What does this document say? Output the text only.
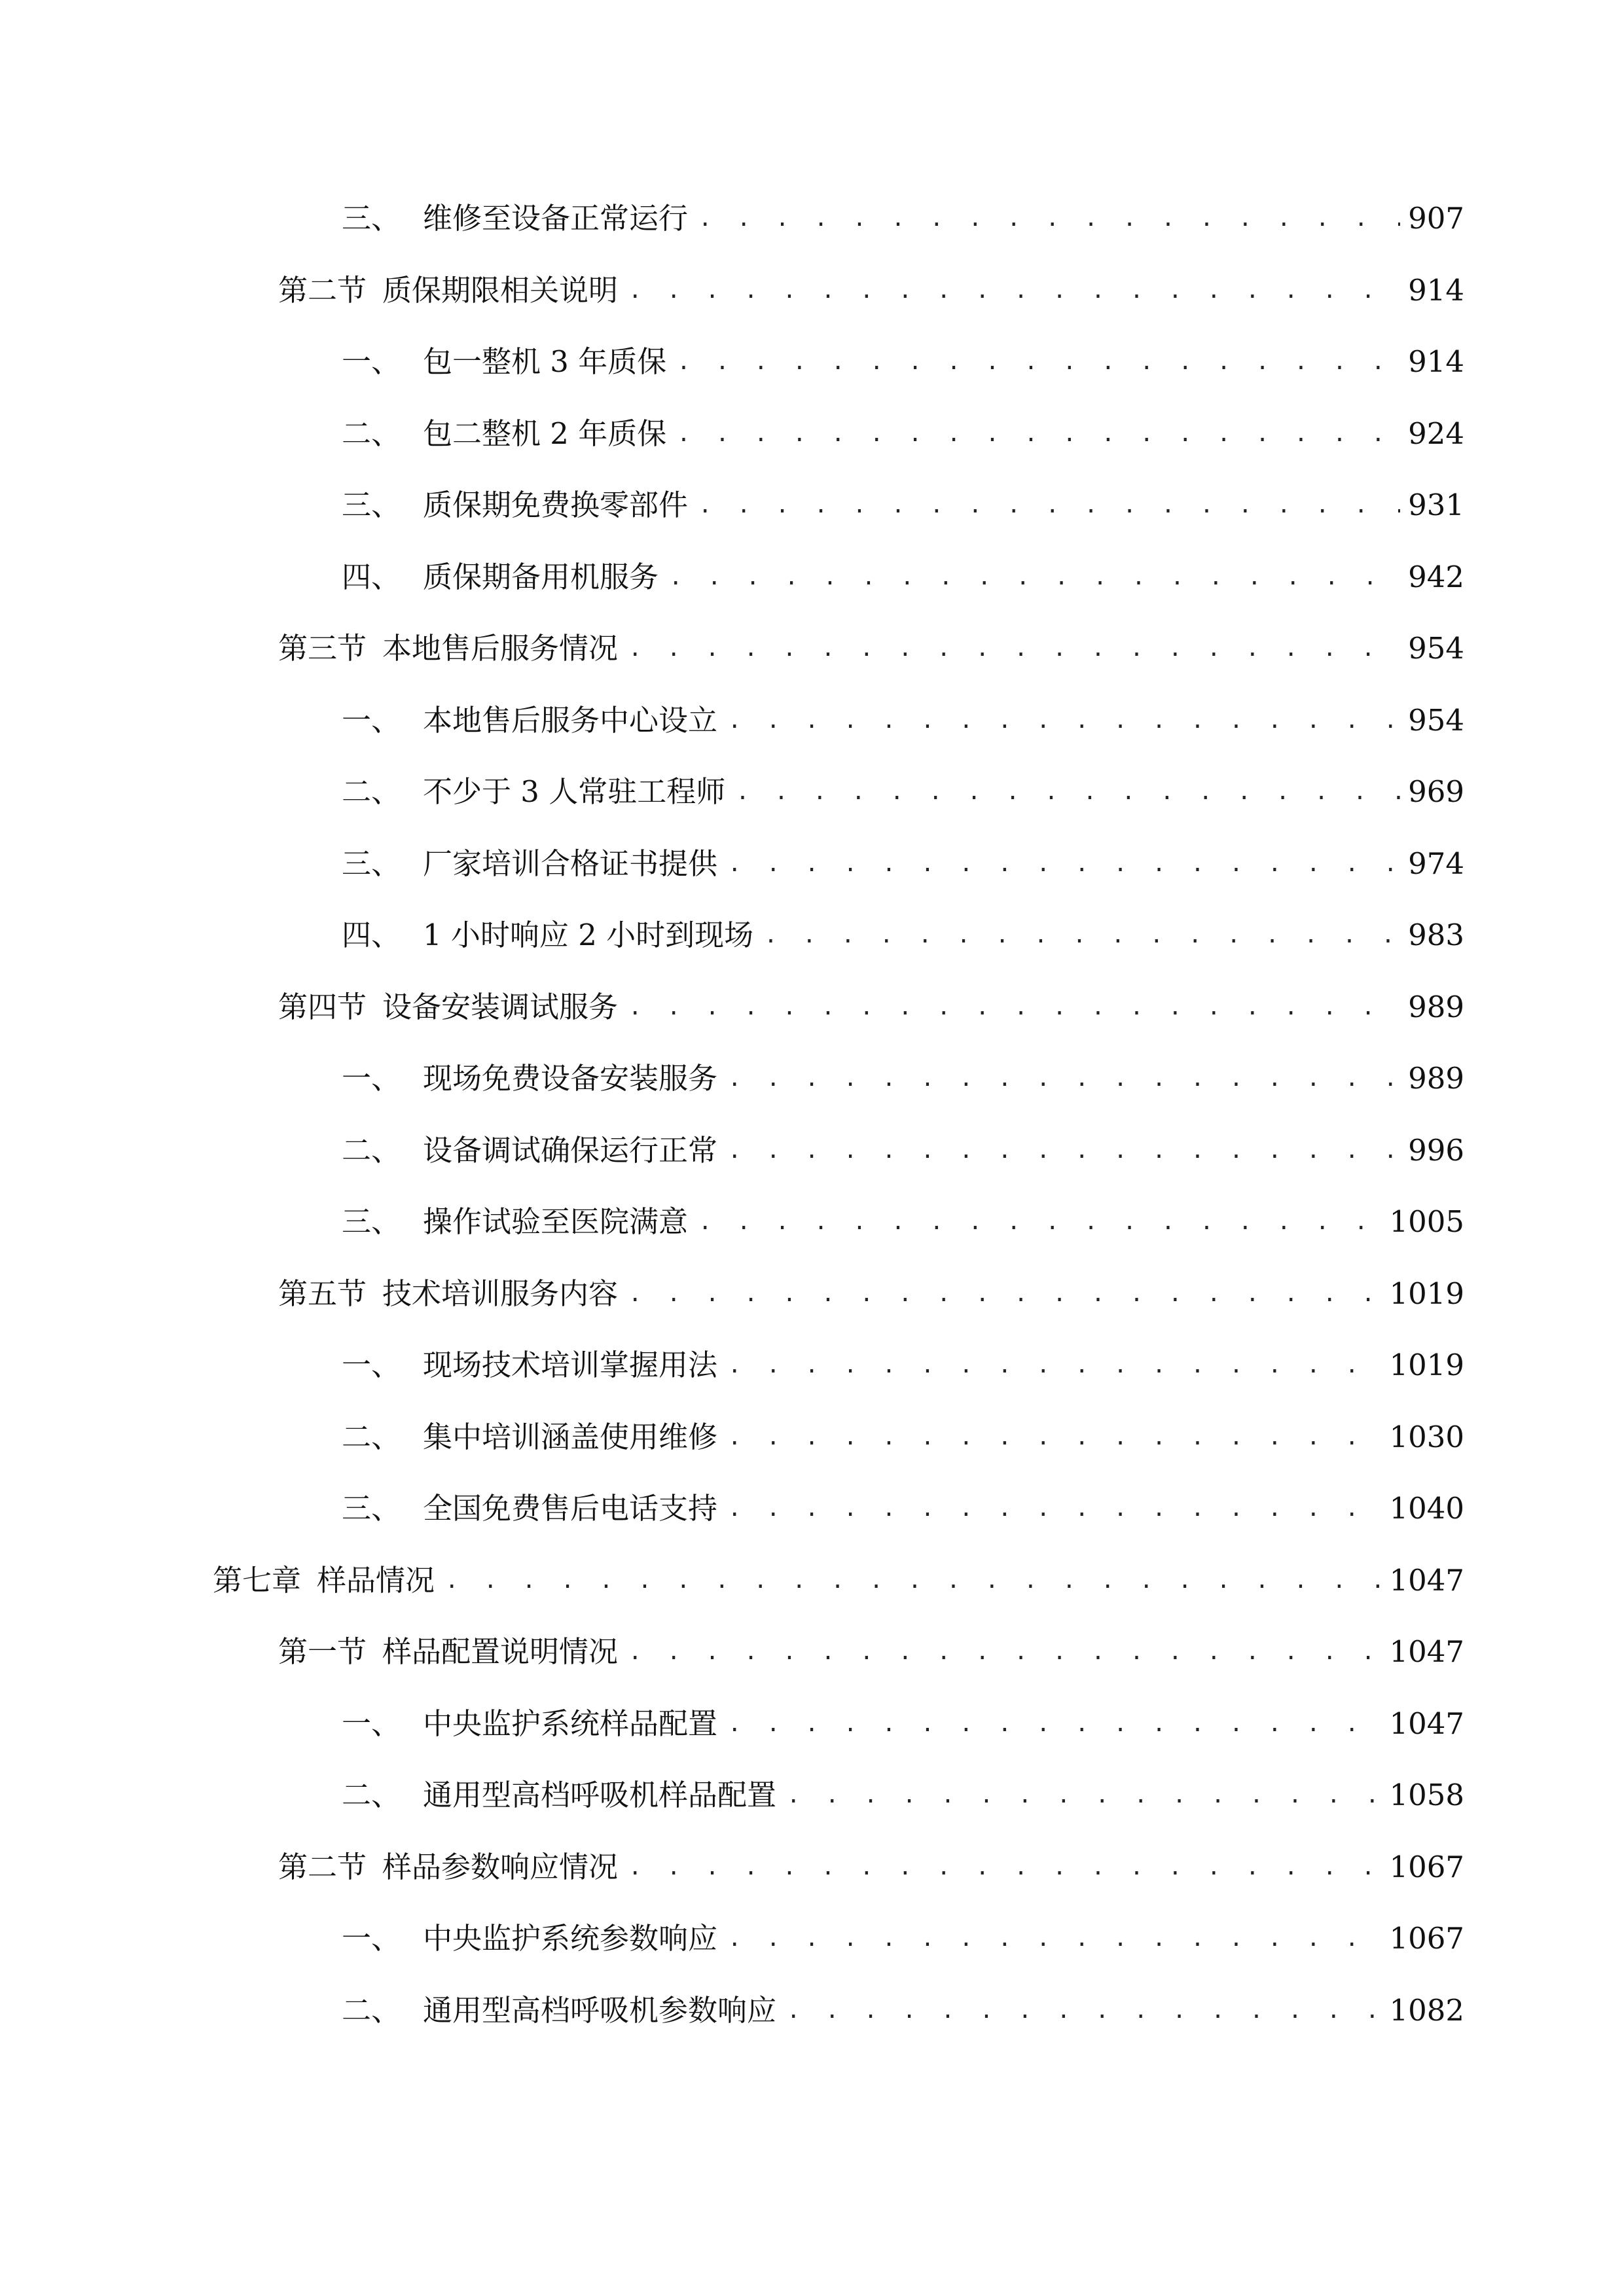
三、 维修至设备正常运行 . . .	907
第二节 质保期限相关说明 . . .	914
一、 包一整机 3 年质保 . . .	914
二、 包二整机 2 年质保 . . .	924
三、 质保期免费换零部件 . . .	931
四、 质保期备用机服务 . . .	942
第三节 本地售后服务情况 . . .	954
一、 本地售后服务中心设立 . . .	954
二、 不少于 3 人常驻工程师 . . .	969
三、 厂家培训合格证书提供 . . .	974
四、 1 小时响应 2 小时到现场 . . .	983
第四节 设备安装调试服务 . . .	989
一、 现场免费设备安装服务 . . .	989
二、 设备调试确保运行正常 . . .	996
三、 操作试验至医院满意 . . .	1005
第五节 技术培训服务内容 . . .	1019
一、 现场技术培训掌握用法 . . .	1019
二、 集中培训涵盖使用维修 . . .	1030
三、 全国免费售后电话支持 . . .	1040
第七章 样品情况 . . .	1047
第一节 样品配置说明情况 . . .	1047
一、 中央监护系统样品配置 . . .	1047
二、 通用型高档呼吸机样品配置 . . .	1058
第二节 样品参数响应情况 . . .	1067
一、 中央监护系统参数响应 . . .	1067
二、 通用型高档呼吸机参数响应 . . .	1082
